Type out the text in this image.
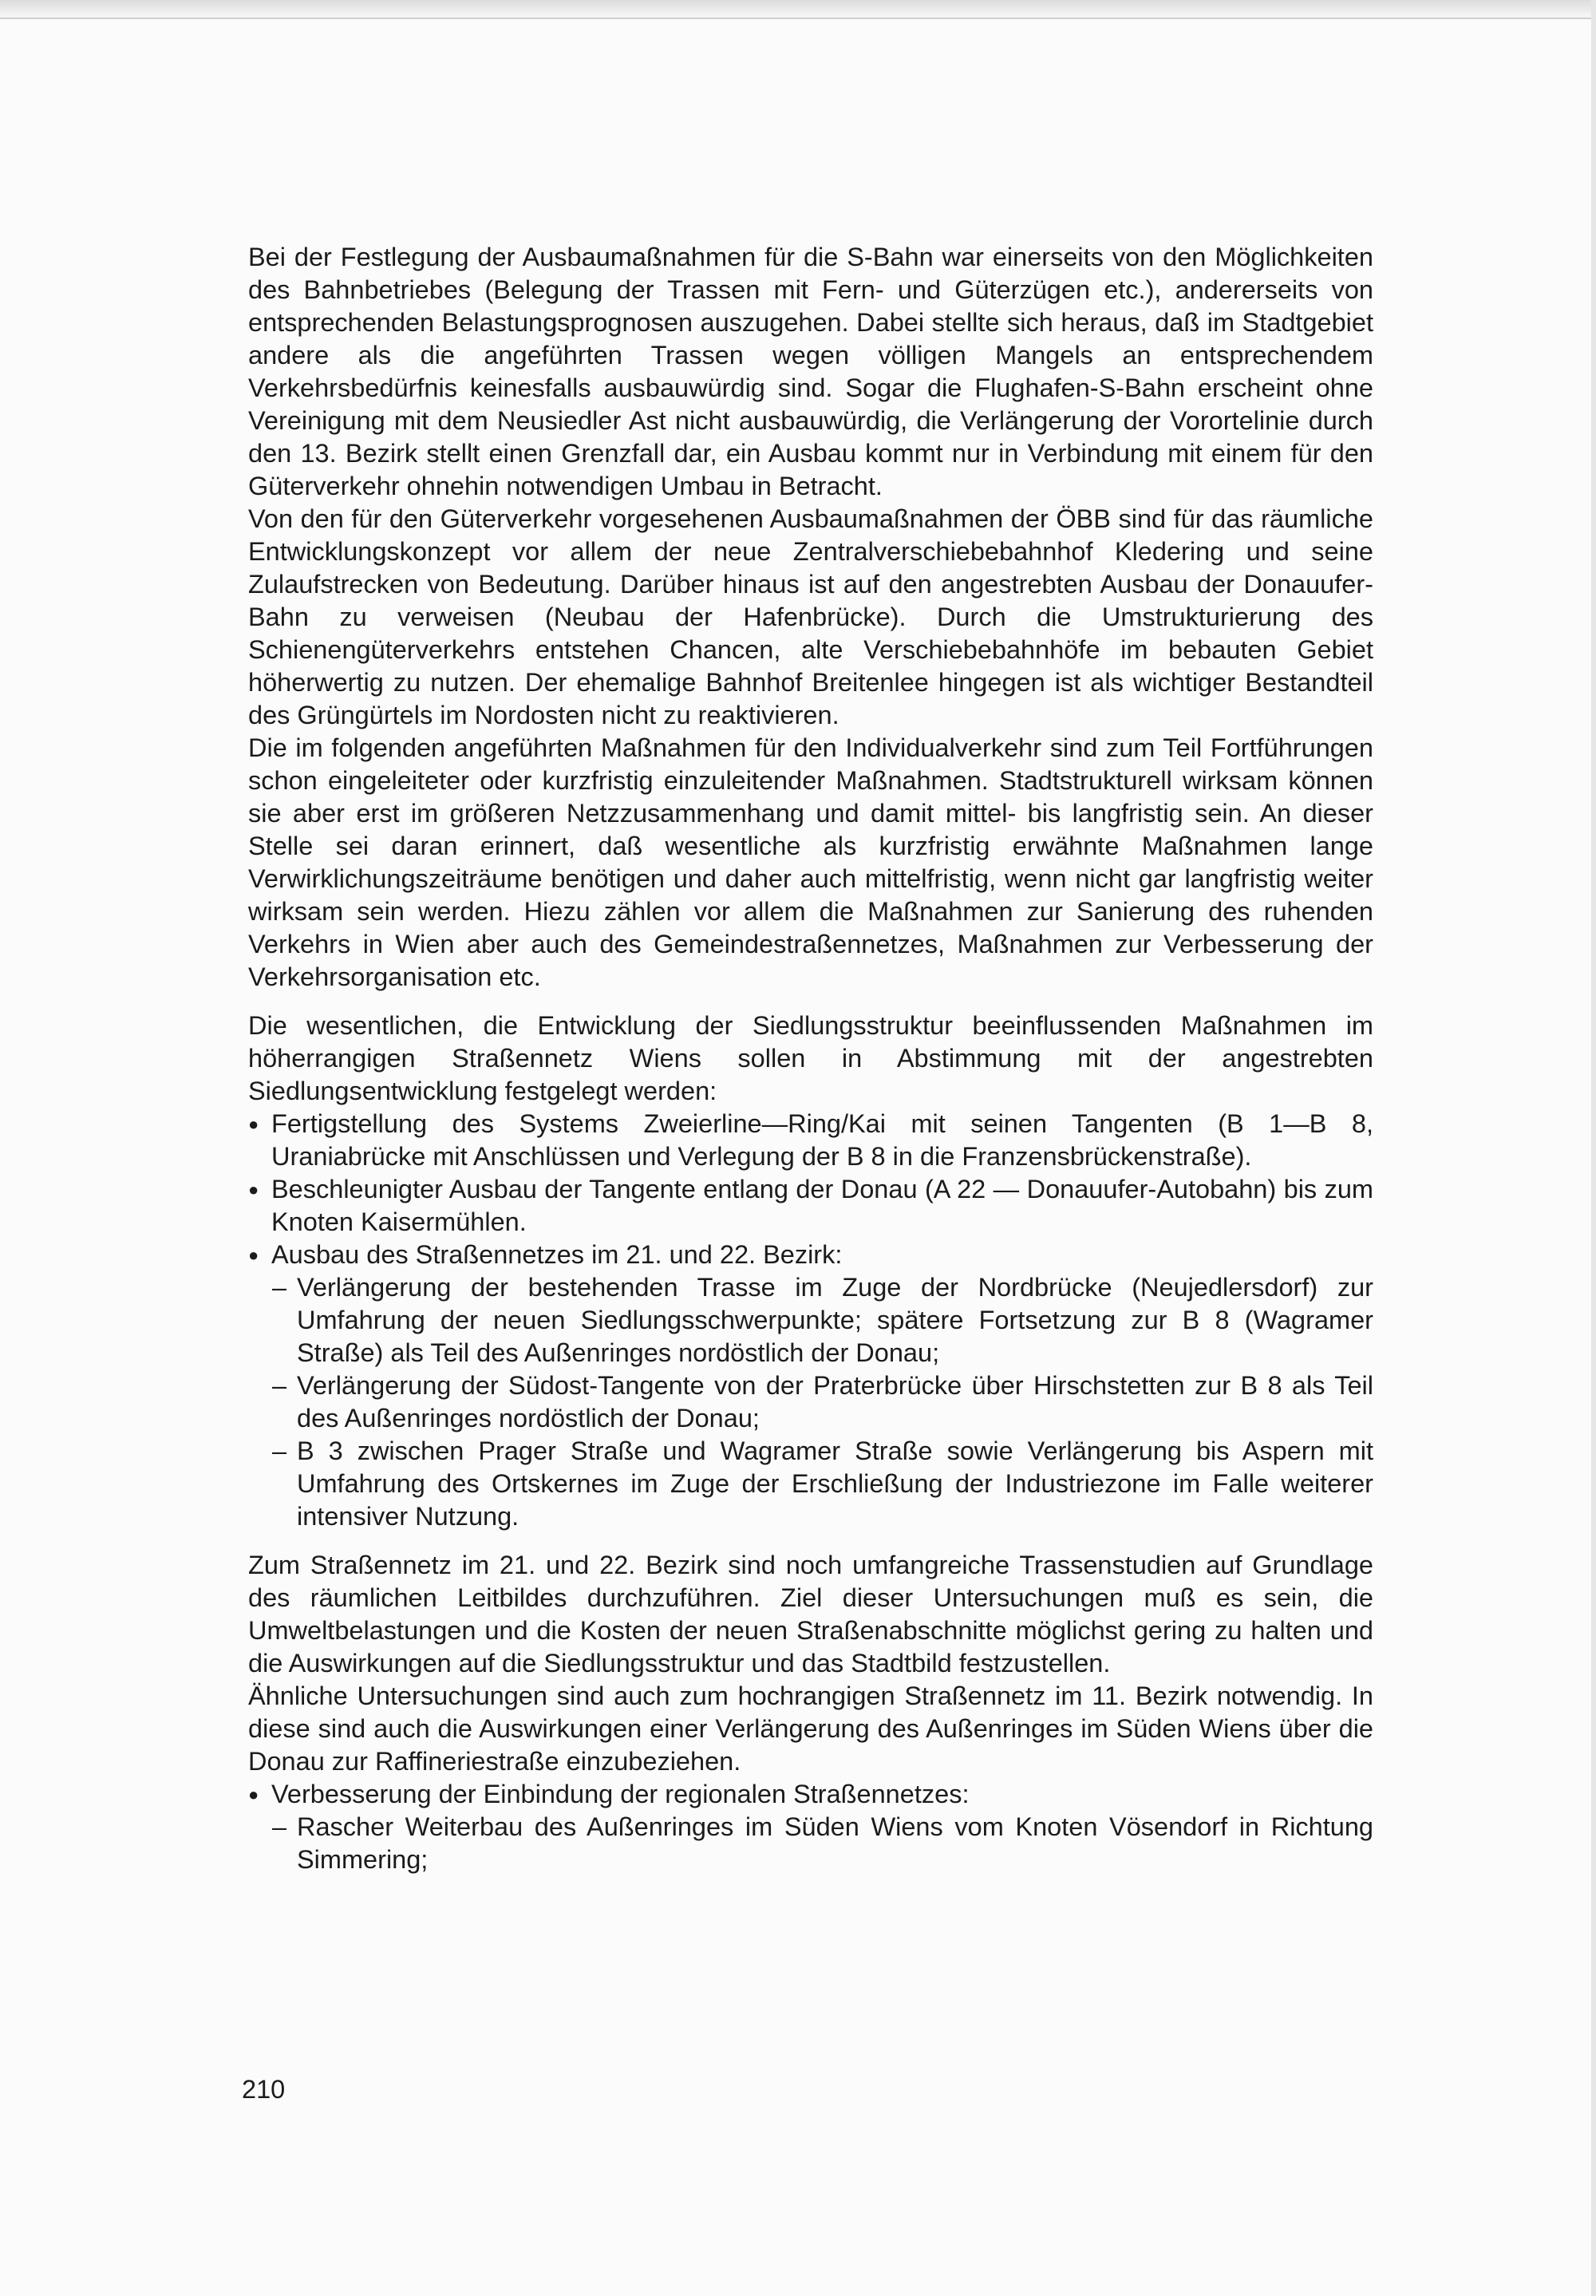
Bei der Festlegung der Ausbaumaßnahmen für die S-Bahn war einerseits von den Möglichkeiten des Bahnbetriebes (Belegung der Trassen mit Fern- und Güterzügen etc.), andererseits von entsprechenden Belastungsprognosen auszugehen. Dabei stellte sich heraus, daß im Stadtgebiet andere als die angeführten Trassen wegen völligen Mangels an entsprechendem Verkehrsbedürfnis keinesfalls ausbauwürdig sind. Sogar die Flughafen-S-Bahn erscheint ohne Vereinigung mit dem Neusiedler Ast nicht ausbauwürdig, die Verlängerung der Vorortelinie durch den 13. Bezirk stellt einen Grenzfall dar, ein Ausbau kommt nur in Verbindung mit einem für den Güterverkehr ohnehin notwendigen Umbau in Betracht.

Von den für den Güterverkehr vorgesehenen Ausbaumaßnahmen der ÖBB sind für das räumliche Entwicklungskonzept vor allem der neue Zentralverschiebebahnhof Kledering und seine Zulaufstrecken von Bedeutung. Darüber hinaus ist auf den angestrebten Ausbau der Donauufer-Bahn zu verweisen (Neubau der Hafenbrücke). Durch die Umstrukturierung des Schienengüterverkehrs entstehen Chancen, alte Verschiebebahnhöfe im bebauten Gebiet höherwertig zu nutzen. Der ehemalige Bahnhof Breitenlee hingegen ist als wichtiger Bestandteil des Grüngürtels im Nordosten nicht zu reaktivieren.

Die im folgenden angeführten Maßnahmen für den Individualverkehr sind zum Teil Fortführungen schon eingeleiteter oder kurzfristig einzuleitender Maßnahmen. Stadtstrukturell wirksam können sie aber erst im größeren Netzzusammenhang und damit mittel- bis langfristig sein. An dieser Stelle sei daran erinnert, daß wesentliche als kurzfristig erwähnte Maßnahmen lange Verwirklichungszeiträume benötigen und daher auch mittelfristig, wenn nicht gar langfristig weiter wirksam sein werden. Hiezu zählen vor allem die Maßnahmen zur Sanierung des ruhenden Verkehrs in Wien aber auch des Gemeindestraßennetzes, Maßnahmen zur Verbesserung der Verkehrsorganisation etc.

Die wesentlichen, die Entwicklung der Siedlungsstruktur beeinflussenden Maßnahmen im höherrangigen Straßennetz Wiens sollen in Abstimmung mit der angestrebten Siedlungsentwicklung festgelegt werden:

● Fertigstellung des Systems Zweierline—Ring/Kai mit seinen Tangenten (B 1—B 8, Uraniabrücke mit Anschlüssen und Verlegung der B 8 in die Franzensbrückenstraße).
● Beschleunigter Ausbau der Tangente entlang der Donau (A 22 — Donauufer-Autobahn) bis zum Knoten Kaisermühlen.
● Ausbau des Straßennetzes im 21. und 22. Bezirk:
– Verlängerung der bestehenden Trasse im Zuge der Nordbrücke (Neujedlersdorf) zur Umfahrung der neuen Siedlungsschwerpunkte; spätere Fortsetzung zur B 8 (Wagramer Straße) als Teil des Außenringes nordöstlich der Donau;
– Verlängerung der Südost-Tangente von der Praterbrücke über Hirschstetten zur B 8 als Teil des Außenringes nordöstlich der Donau;
– B 3 zwischen Prager Straße und Wagramer Straße sowie Verlängerung bis Aspern mit Umfahrung des Ortskernes im Zuge der Erschließung der Industriezone im Falle weiterer intensiver Nutzung.

Zum Straßennetz im 21. und 22. Bezirk sind noch umfangreiche Trassenstudien auf Grundlage des räumlichen Leitbildes durchzuführen. Ziel dieser Untersuchungen muß es sein, die Umweltbelastungen und die Kosten der neuen Straßenabschnitte möglichst gering zu halten und die Auswirkungen auf die Siedlungsstruktur und das Stadtbild festzustellen.

Ähnliche Untersuchungen sind auch zum hochrangigen Straßennetz im 11. Bezirk notwendig. In diese sind auch die Auswirkungen einer Verlängerung des Außenringes im Süden Wiens über die Donau zur Raffineriestraße einzubeziehen.

● Verbesserung der Einbindung der regionalen Straßennetzes:
– Rascher Weiterbau des Außenringes im Süden Wiens vom Knoten Vösendorf in Richtung Simmering;
210
